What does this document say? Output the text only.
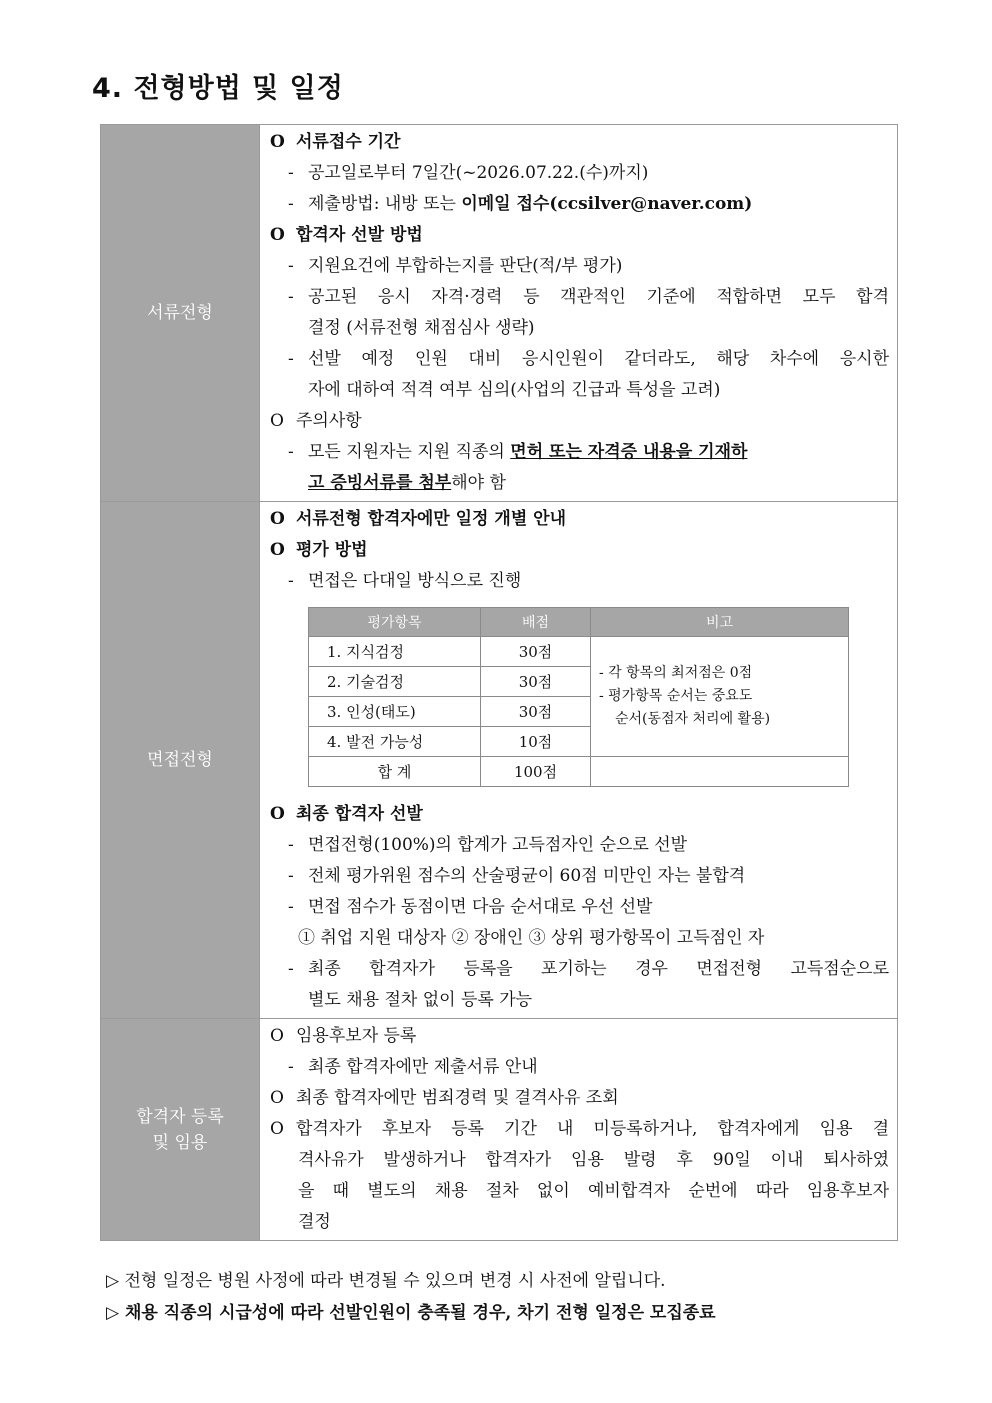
4. 전형방법 및 일정
서류전형	
O 서류접수 기간
- 공고일로부터 7일간(~2026.07.22.(수)까지)
- 제출방법: 내방 또는 이메일 접수(ccsilver@naver.com)
O 합격자 선발 방법
- 지원요건에 부합하는지를 판단(적/부 평가)
- 공고된 응시 자격·경력 등 객관적인 기준에 적합하면 모두 합격
결정 (서류전형 채점심사 생략)
- 선발 예정 인원 대비 응시인원이 같더라도, 해당 차수에 응시한
자에 대하여 적격 여부 심의(사업의 긴급과 특성을 고려)
O 주의사항
- 모든 지원자는 지원 직종의 면허 또는 자격증 내용을 기재하
고 증빙서류를 첨부해야 함

면접전형	
O 서류전형 합격자에만 일정 개별 안내
O 평가 방법
- 면접은 다대일 방식으로 진행
평가항목	배점	비고
1. 지식검정	30점	
- 각 항목의 최저점은 0점
- 평가항목 순서는 중요도
순서(동점자 처리에 활용)

2. 기술검정	30점
3. 인성(태도)	30점
4. 발전 가능성	10점
합 계	100점	
O 최종 합격자 선발
- 면접전형(100%)의 합계가 고득점자인 순으로 선발
- 전체 평가위원 점수의 산술평균이 60점 미만인 자는 불합격
- 면접 점수가 동점이면 다음 순서대로 우선 선발
① 취업 지원 대상자 ② 장애인 ③ 상위 평가항목이 고득점인 자
- 최종 합격자가 등록을 포기하는 경우 면접전형 고득점순으로
별도 채용 절차 없이 등록 가능

합격자 등록
및 임용

O 임용후보자 등록
- 최종 합격자에만 제출서류 안내
O 최종 합격자에만 범죄경력 및 결격사유 조회
O 합격자가 후보자 등록 기간 내 미등록하거나, 합격자에게 임용 결
격사유가 발생하거나 합격자가 임용 발령 후 90일 이내 퇴사하였
을 때 별도의 채용 절차 없이 예비합격자 순번에 따라 임용후보자
결정
▷ 전형 일정은 병원 사정에 따라 변경될 수 있으며 변경 시 사전에 알립니다.
▷ 채용 직종의 시급성에 따라 선발인원이 충족될 경우, 차기 전형 일정은 모집종료
